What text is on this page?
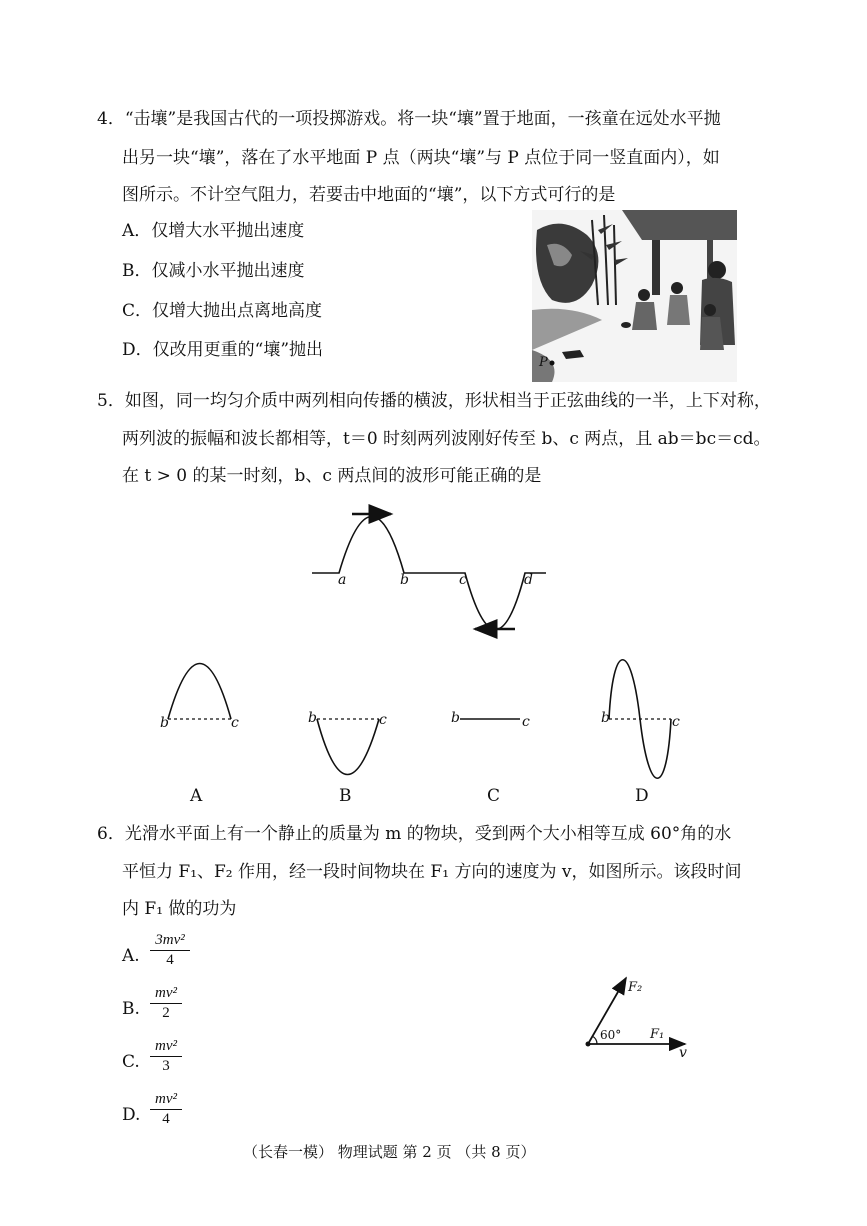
4．“击壤”是我国古代的一项投掷游戏。将一块“壤”置于地面，一孩童在远处水平抛
出另一块“壤”，落在了水平地面 P 点（两块“壤”与 P 点位于同一竖直面内），如
图所示。不计空气阻力，若要击中地面的“壤”，以下方式可行的是
A．仅增大水平抛出速度
B．仅减小水平抛出速度
C．仅增大抛出点离地高度
D．仅改用更重的“壤”抛出
P
5．如图，同一均匀介质中两列相向传播的横波，形状相当于正弦曲线的一半，上下对称，
两列波的振幅和波长都相等，t＝0 时刻两列波刚好传至 b、c 两点，且 ab＝bc＝cd。
在 t > 0 的某一时刻，b、c 两点间的波形可能正确的是
a	b	c	d
b	c	b	c	b	c	b	c
A	B	C	D
6．光滑水平面上有一个静止的质量为 m 的物块，受到两个大小相等互成 60°角的水
平恒力 F₁、F₂ 作用，经一段时间物块在 F₁ 方向的速度为 v，如图所示。该段时间
内 F₁ 做的功为
A.
3mv²
4
B.
mv²
2
C.
mv²
3
D.
mv²
4
F₂
60° F₁
v
（长春一模） 物理试题 第 2 页 （共 8 页）
